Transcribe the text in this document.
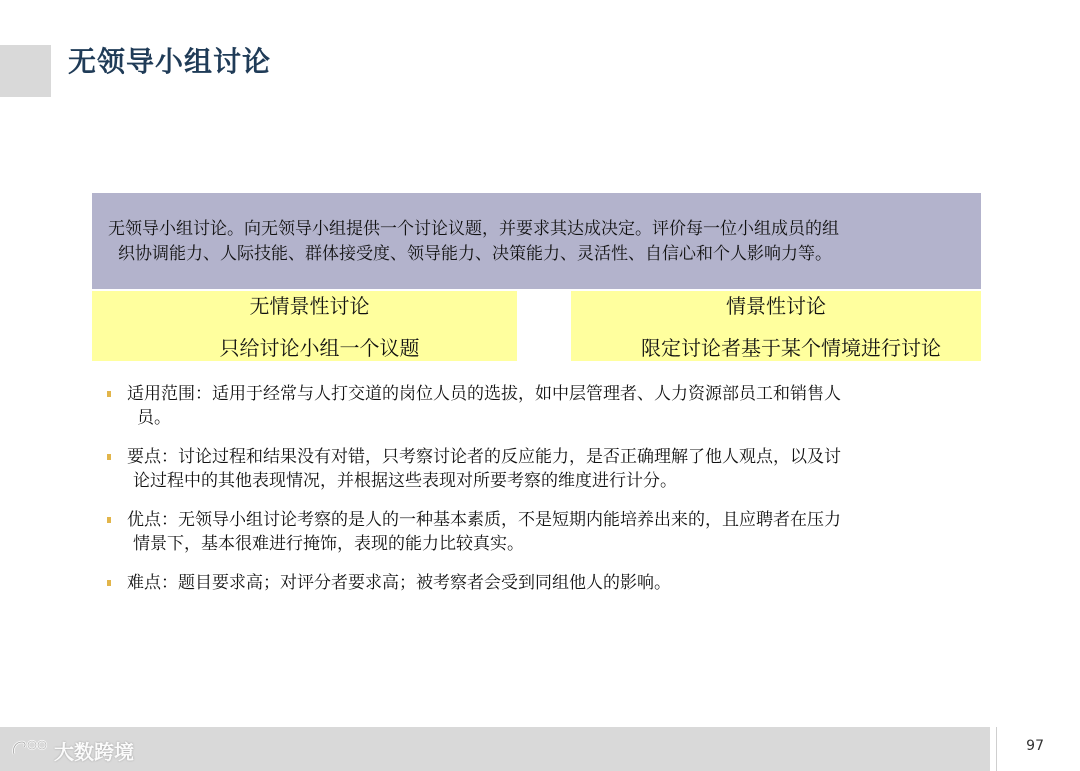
无领导小组讨论
无领导小组讨论。向无领导小组提供一个讨论议题，并要求其达成决定。评价每一位小组成员的组
织协调能力、人际技能、群体接受度、领导能力、决策能力、灵活性、自信心和个人影响力等。
无情景性讨论
只给讨论小组一个议题
情景性讨论
限定讨论者基于某个情境进行讨论
适用范围：适用于经常与人打交道的岗位人员的选拔，如中层管理者、人力资源部员工和销售人
员。
要点：讨论过程和结果没有对错，只考察讨论者的反应能力，是否正确理解了他人观点，以及讨
论过程中的其他表现情况，并根据这些表现对所要考察的维度进行计分。
优点：无领导小组讨论考察的是人的一种基本素质，不是短期内能培养出来的，且应聘者在压力
情景下，基本很难进行掩饰，表现的能力比较真实。
难点：题目要求高；对评分者要求高；被考察者会受到同组他人的影响。
97
大数跨境
